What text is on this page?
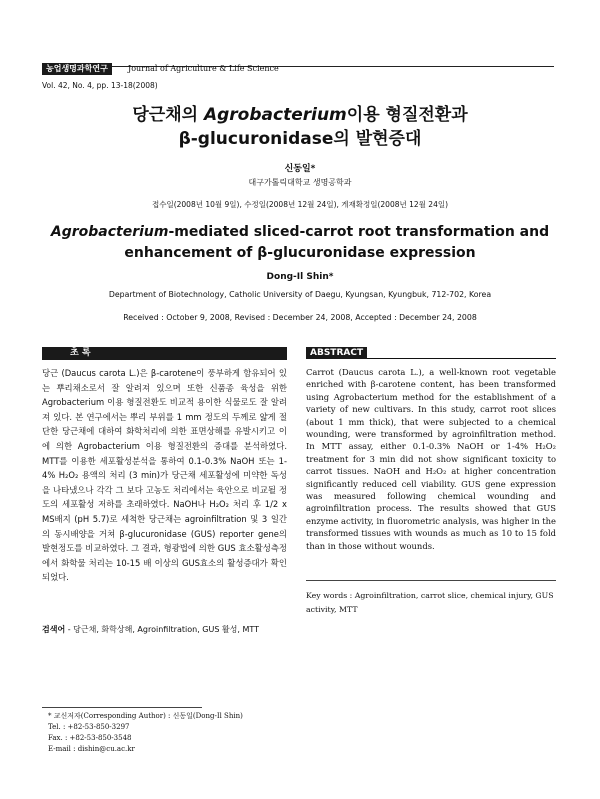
농업생명과학연구	Journal of Agriculture & Life Science
Vol. 42, No. 4, pp. 13-18(2008)
당근채의 Agrobacterium이용 형질전환과
β-glucuronidase의 발현증대
신동일*
대구가톨릭대학교 생명공학과
접수일(2008년 10월 9일), 수정일(2008년 12월 24일), 게재확정일(2008년 12월 24일)
Agrobacterium-mediated sliced-carrot root transformation and
enhancement of β-glucuronidase expression
Dong-Il Shin*
Department of Biotechnology, Catholic University of Daegu, Kyungsan, Kyungbuk, 712-702, Korea
Received : October 9, 2008, Revised : December 24, 2008, Accepted : December 24, 2008
초 록	ABSTRACT
당근 (Daucus carota L.)은 β-carotene이 풍부하게 함유되어 있는 뿌리채소로서 잘 알려져 있으며 또한 신품종 육성을 위한 Agrobacterium 이용 형질전환도 비교적 용이한 식물로도 잘 알려져 있다. 본 연구에서는 뿌리 부위를 1 mm 정도의 두께로 얇게 절단한 당근채에 대하여 화학처리에 의한 표면상해를 유발시키고 이에 의한 Agrobacterium 이용 형질전환의 증대를 분석하였다. MTT를 이용한 세포활성분석을 통하여 0.1-0.3% NaOH 또는 1-4% H₂O₂ 용액의 처리 (3 min)가 당근채 세포활성에 미약한 독성을 나타냈으나 각각 그 보다 고농도 처리에서는 육안으로 비교될 정도의 세포활성 저하를 초래하였다. NaOH나 H₂O₂ 처리 후 1/2 x MS배지 (pH 5.7)로 세척한 당근채는 agroinfiltration 및 3 일간의 동시배양을 거쳐 β-glucuronidase (GUS) reporter gene의 발현정도를 비교하였다. 그 결과, 형광법에 의한 GUS 효소활성측정에서 화학물 처리는 10-15 배 이상의 GUS효소의 활성증대가 확인되었다.
검색어 - 당근채, 화학상해, Agroinfiltration, GUS 활성, MTT
Carrot (Daucus carota L.), a well-known root vegetable enriched with β-carotene content, has been transformed using Agrobacterium method for the establishment of a variety of new cultivars. In this study, carrot root slices (about 1 mm thick), that were subjected to a chemical wounding, were transformed by agroinfiltration method. In MTT assay, either 0.1-0.3% NaOH or 1-4% H₂O₂ treatment for 3 min did not show significant toxicity to carrot tissues. NaOH and H₂O₂ at higher concentration significantly reduced cell viability. GUS gene expression was measured following chemical wounding and agroinfiltration process. The results showed that GUS enzyme activity, in fluorometric analysis, was higher in the transformed tissues with wounds as much as 10 to 15 fold than in those without wounds.
Key words : Agroinfiltration, carrot slice, chemical injury, GUS activity, MTT
* 교신저자(Corresponding Author) : 신동일(Dong-Il Shin)
Tel. : +82-53-850-3297
Fax. : +82-53-850-3548
E-mail : dishin@cu.ac.kr
